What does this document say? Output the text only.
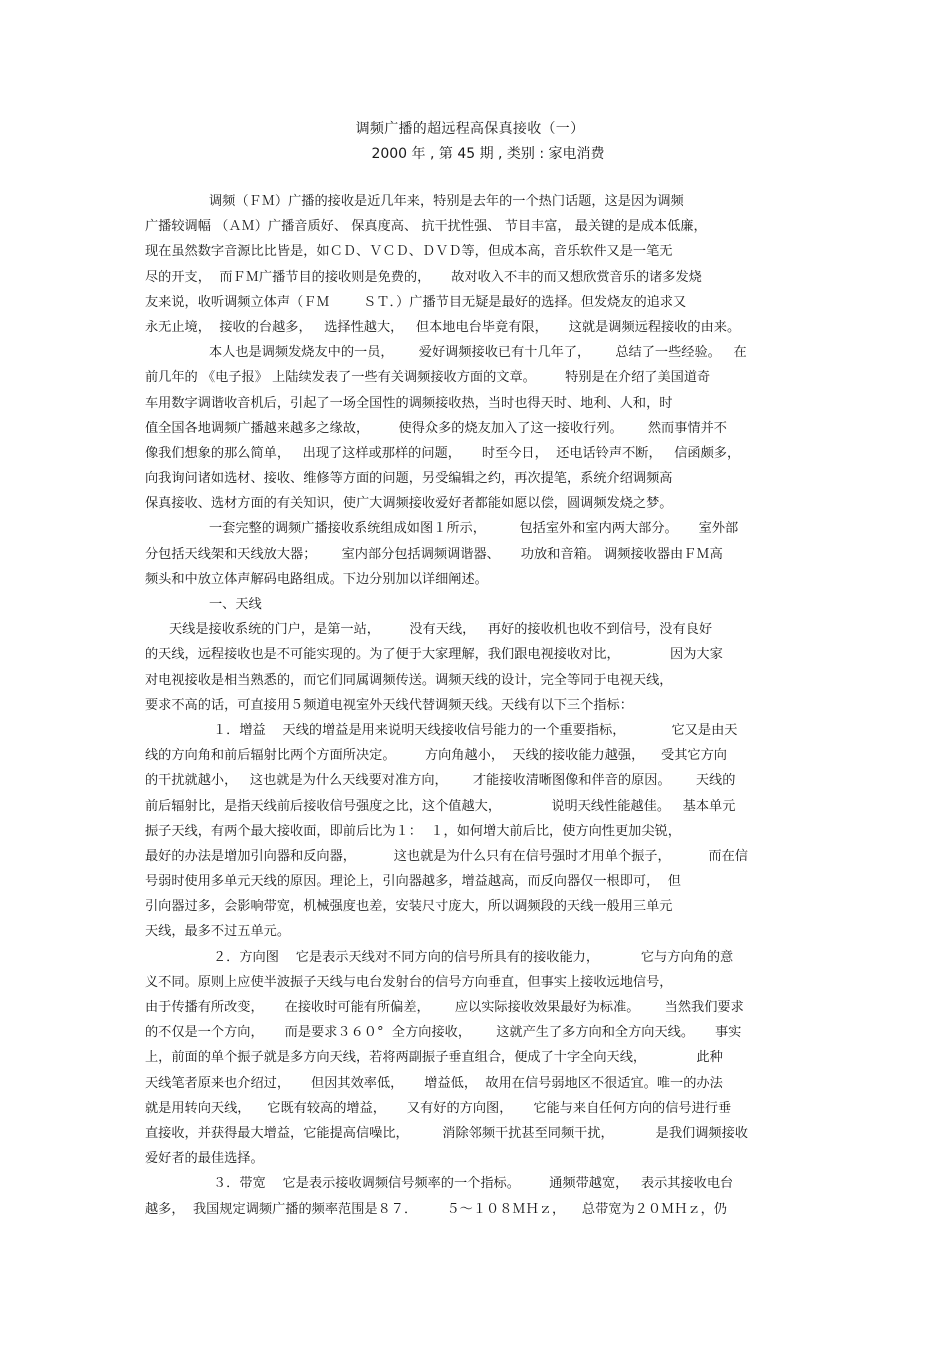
调频广播的超远程高保真接收（一）
2000 年 , 第 45 期 , 类别 : 家电消费
调频（ＦＭ）广播的接收是近几年来，特别是去年的一个热门话题，这是因为调频
广播较调幅 （ＡＭ）广播音质好、 保真度高、 抗干扰性强、 节目丰富， 最关键的是成本低廉，
现在虽然数字音源比比皆是，如ＣＤ、ＶＣＤ、ＤＶＤ等，但成本高，音乐软件又是一笔无
尽的开支，  而ＦＭ广播节目的接收则是免费的，     故对收入不丰的而又想欣赏音乐的诸多发烧
友来说，收听调频立体声（ＦＭ        ＳＴ．）广播节目无疑是最好的选择。但发烧友的追求又
永无止境，  接收的台越多，   选择性越大，   但本地电台毕竟有限，     这就是调频远程接收的由来。
本人也是调频发烧友中的一员，      爱好调频接收已有十几年了，      总结了一些经验。   在
前几年的 《电子报》 上陆续发表了一些有关调频接收方面的文章。       特别是在介绍了美国道奇
车用数字调谐收音机后，引起了一场全国性的调频接收热，当时也得天时、地利、人和，时
值全国各地调频广播越来越多之缘故，       使得众多的烧友加入了这一接收行列。      然而事情并不
像我们想象的那么简单，   出现了这样或那样的问题，     时至今日，  还电话铃声不断，   信函颇多，
向我询问诸如选材、接收、维修等方面的问题，另受编辑之约，再次提笔，系统介绍调频高
保真接收、选材方面的有关知识，使广大调频接收爱好者都能如愿以偿，圆调频发烧之梦。
一套完整的调频广播接收系统组成如图１所示，        包括室外和室内两大部分。     室外部
分包括天线架和天线放大器；      室内部分包括调频调谐器、     功放和音箱。 调频接收器由ＦＭ高
频头和中放立体声解码电路组成。下边分别加以详细阐述。
一、天线
天线是接收系统的门户，是第一站，       没有天线，   再好的接收机也收不到信号，没有良好
的天线，远程接收也是不可能实现的。为了便于大家理解，我们跟电视接收对比，            因为大家
对电视接收是相当熟悉的，而它们同属调频传送。调频天线的设计，完全等同于电视天线，
要求不高的话，可直接用５频道电视室外天线代替调频天线。天线有以下三个指标：
１．增益    天线的增益是用来说明天线接收信号能力的一个重要指标，           它又是由天
线的方向角和前后辐射比两个方面所决定。       方向角越小，  天线的接收能力越强，    受其它方向
的干扰就越小，   这也就是为什么天线要对准方向，      才能接收清晰图像和伴音的原因。      天线的
前后辐射比，是指天线前后接收信号强度之比，这个值越大，            说明天线性能越佳。   基本单元
振子天线，有两个最大接收面，即前后比为１：  １，如何增大前后比，使方向性更加尖锐，
最好的办法是增加引向器和反向器，         这也就是为什么只有在信号强时才用单个振子，         而在信
号弱时使用多单元天线的原因。理论上，引向器越多，增益越高，而反向器仅一根即可，  但
引向器过多，会影响带宽，机械强度也差，安装尺寸庞大，所以调频段的天线一般用三单元
天线，最多不过五单元。
２．方向图    它是表示天线对不同方向的信号所具有的接收能力，          它与方向角的意
义不同。原则上应使半波振子天线与电台发射台的信号方向垂直，但事实上接收远地信号，
由于传播有所改变，     在接收时可能有所偏差，      应以实际接收效果最好为标准。      当然我们要求
的不仅是一个方向，     而是要求３６０°  全方向接收，      这就产生了多方向和全方向天线。     事实
上，前面的单个振子就是多方向天线，若将两副振子垂直组合，便成了十字全向天线，            此种
天线笔者原来也介绍过，     但因其效率低，     增益低，  故用在信号弱地区不很适宜。唯一的办法
就是用转向天线，    它既有较高的增益，     又有好的方向图，     它能与来自任何方向的信号进行垂
直接收，并获得最大增益，它能提高信噪比，        消除邻频干扰甚至同频干扰，          是我们调频接收
爱好者的最佳选择。
３．带宽    它是表示接收调频信号频率的一个指标。       通频带越宽，   表示其接收电台
越多，  我国规定调频广播的频率范围是８７．       ５～１０８ＭＨｚ，    总带宽为２０ＭＨｚ，仍
